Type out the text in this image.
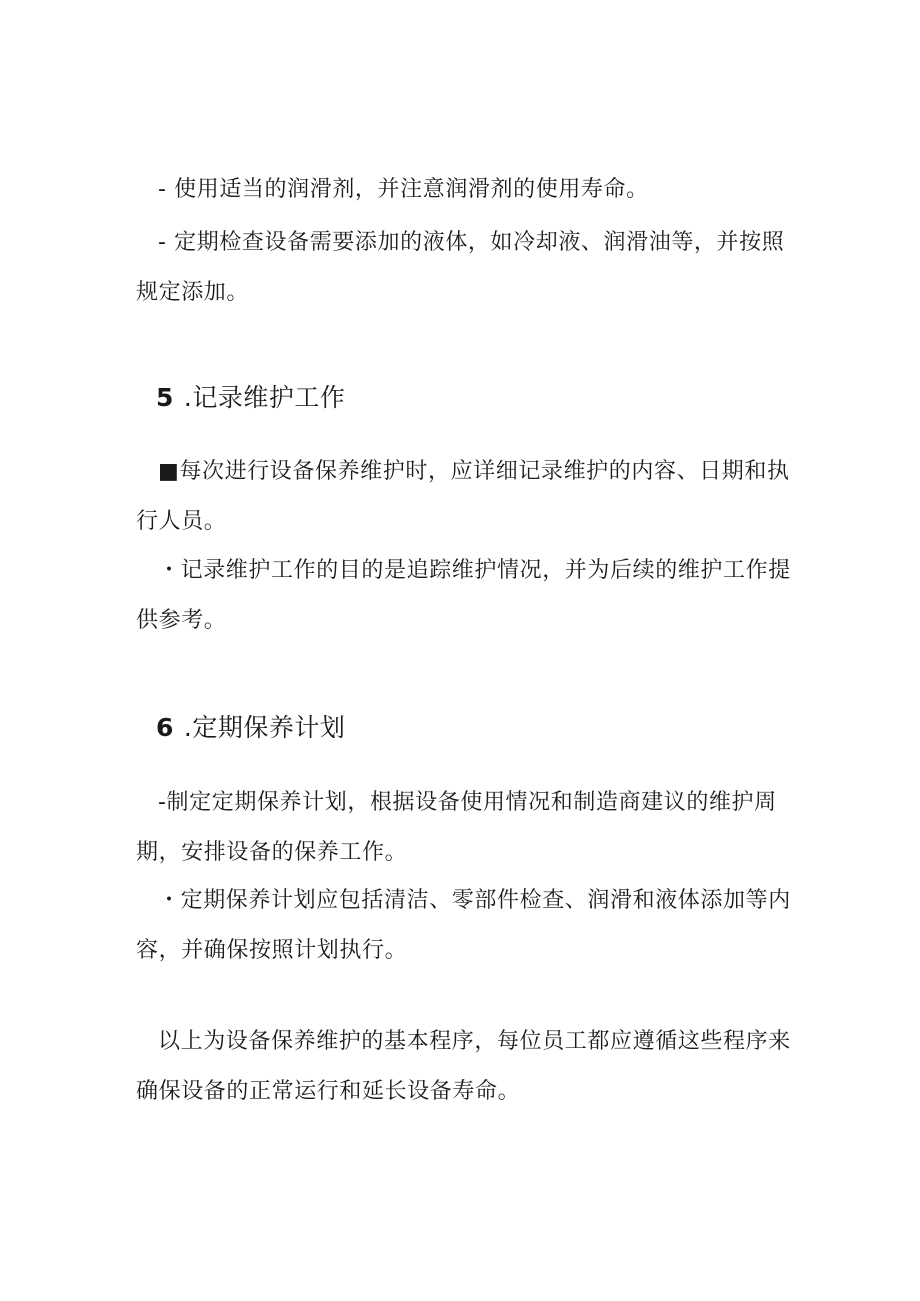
- 使用适当的润滑剂，并注意润滑剂的使用寿命。

- 定期检查设备需要添加的液体，如冷却液、润滑油等，并按照规定添加。

5 .记录维护工作

■每次进行设备保养维护时，应详细记录维护的内容、日期和执行人员。

・记录维护工作的目的是追踪维护情况，并为后续的维护工作提供参考。

6 .定期保养计划

-制定定期保养计划，根据设备使用情况和制造商建议的维护周期，安排设备的保养工作。

・定期保养计划应包括清洁、零部件检查、润滑和液体添加等内容，并确保按照计划执行。

以上为设备保养维护的基本程序，每位员工都应遵循这些程序来确保设备的正常运行和延长设备寿命。
